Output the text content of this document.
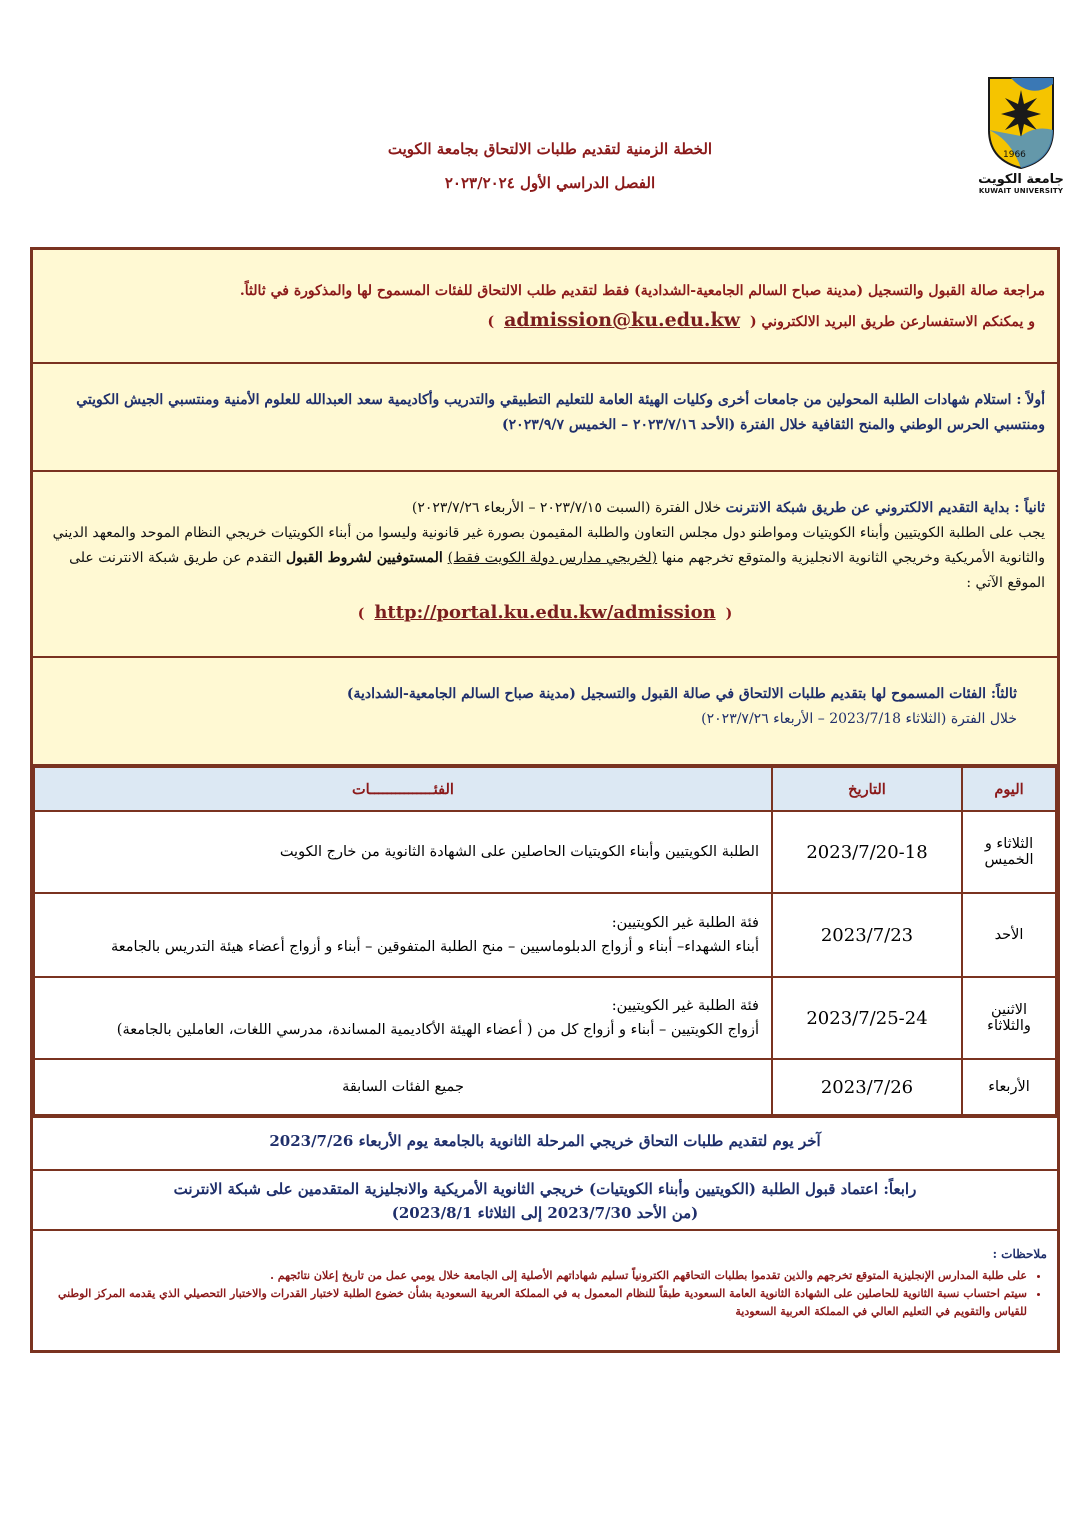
1966
جامعة الكويت
KUWAIT UNIVERSITY
الخطة الزمنية لتقديم طلبات الالتحاق بجامعة الكويت
الفصل الدراسي الأول ٢٠٢٣/٢٠٢٤
مراجعة صالة القبول والتسجيل (مدينة صباح السالم الجامعية-الشدادية) فقط لتقديم طلب الالتحاق للفئات المسموح لها والمذكورة في ثالثاً.
و يمكنكم الاستفسارعن طريق البريد الالكتروني (admission@ku.edu.kw)
أولاً : استلام شهادات الطلبة المحولين من جامعات أخرى وكليات الهيئة العامة للتعليم التطبيقي والتدريب وأكاديمية سعد العبدالله للعلوم الأمنية ومنتسبي الجيش الكويتي ومنتسبي الحرس الوطني والمنح الثقافية خلال الفترة (الأحد ٢٠٢٣/٧/١٦ – الخميس ٢٠٢٣/٩/٧)
ثانياً : بداية التقديم الالكتروني عن طريق شبكة الانترنت خلال الفترة (السبت ٢٠٢٣/٧/١٥ – الأربعاء ٢٠٢٣/٧/٢٦)
يجب على الطلبة الكويتيين وأبناء الكويتيات ومواطنو دول مجلس التعاون والطلبة المقيمون بصورة غير قانونية وليسوا من أبناء الكويتيات خريجي النظام الموحد والمعهد الديني والثانوية الأمريكية وخريجي الثانوية الانجليزية والمتوقع تخرجهم منها (لخريجي مدارس دولة الكويت فقط) المستوفيين لشروط القبول التقدم عن طريق شبكة الانترنت على الموقع الآتي :
(http://portal.ku.edu.kw/admission)
ثالثاً: الفئات المسموح لها بتقديم طلبات الالتحاق في صالة القبول والتسجيل (مدينة صباح السالم الجامعية-الشدادية)
خلال الفترة (الثلاثاء 2023/7/18 – الأربعاء ٢٠٢٣/٧/٢٦)
اليوم	التاريخ	الفئـــــــــــــــات
الثلاثاء و الخميس	2023/7/20-18	الطلبة الكويتيين وأبناء الكويتيات الحاصلين على الشهادة الثانوية من خارج الكويت

الأحد	2023/7/23	فئة الطلبة غير الكويتيين:
أبناء الشهداء– أبناء و أزواج الدبلوماسيين – منح الطلبة المتفوقين – أبناء و أزواج أعضاء هيئة التدريس بالجامعة

الاثنين والثلاثاء	2023/7/25-24	فئة الطلبة غير الكويتيين:
أزواج الكويتيين – أبناء و أزواج كل من ( أعضاء الهيئة الأكاديمية المساندة، مدرسي اللغات، العاملين بالجامعة)

الأربعاء	2023/7/26	جميع الفئات السابقة
آخر يوم لتقديم طلبات التحاق خريجي المرحلة الثانوية بالجامعة يوم الأربعاء 2023/7/26
رابعاً: اعتماد قبول الطلبة (الكويتيين وأبناء الكويتيات) خريجي الثانوية الأمريكية والانجليزية المتقدمين على شبكة الانترنت
(من الأحد 2023/7/30 إلى الثلاثاء 2023/8/1)
ملاحظات :
• على طلبة المدارس الإنجليزية المتوقع تخرجهم والذين تقدموا بطلبات التحاقهم الكترونياً تسليم شهاداتهم الأصلية إلى الجامعة خلال يومي عمل من تاريخ إعلان نتائجهم .
• سيتم احتساب نسبة الثانوية للحاصلين على الشهادة الثانوية العامة السعودية طبقاً للنظام المعمول به في المملكة العربية السعودية بشأن خضوع الطلبة لاختبار القدرات والاختبار التحصيلي الذي يقدمه المركز الوطني للقياس والتقويم في التعليم العالي في المملكة العربية السعودية
